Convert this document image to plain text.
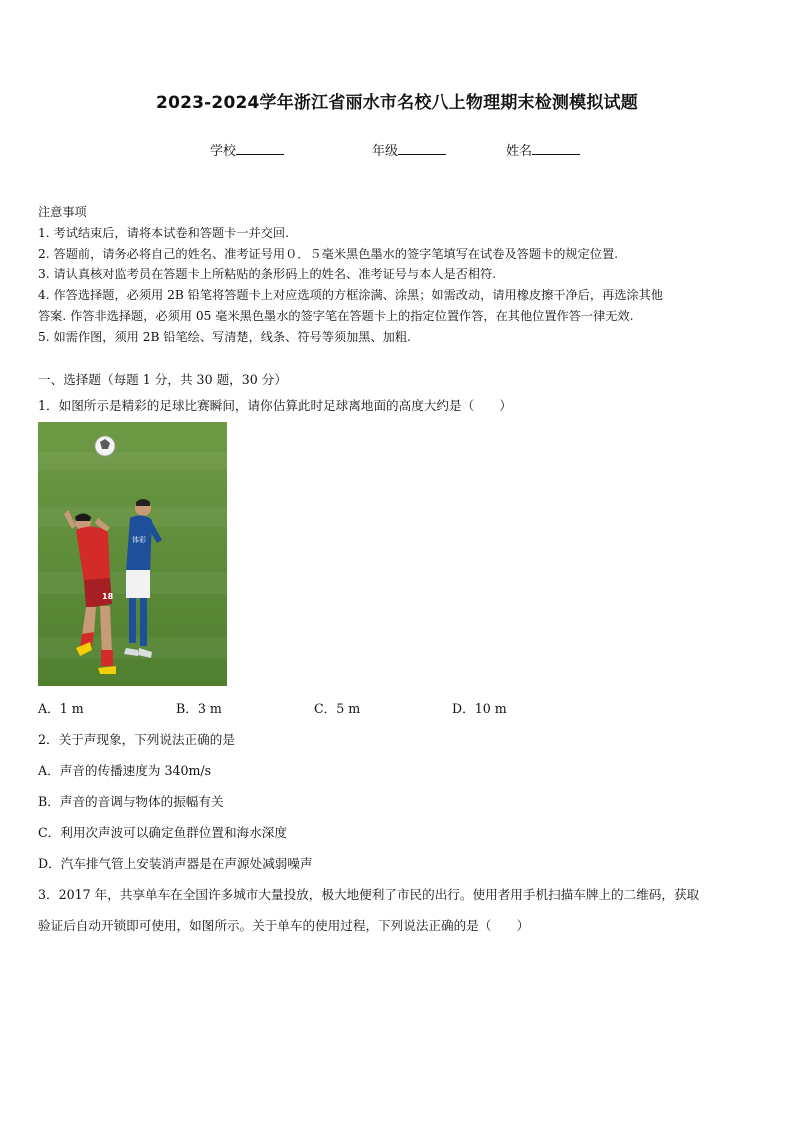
2023-2024学年浙江省丽水市名校八上物理期末检测模拟试题
学校	年级	姓名
注意事项
1. 考试结束后，请将本试卷和答题卡一并交回.
2. 答题前，请务必将自己的姓名、准考证号用０．５毫米黑色墨水的签字笔填写在试卷及答题卡的规定位置.
3. 请认真核对监考员在答题卡上所粘贴的条形码上的姓名、准考证号与本人是否相符.
4. 作答选择题，必须用 2B 铅笔将答题卡上对应选项的方框涂满、涂黑；如需改动，请用橡皮擦干净后，再选涂其他
答案. 作答非选择题，必须用 05 毫米黑色墨水的签字笔在答题卡上的指定位置作答，在其他位置作答一律无效.
5. 如需作图，须用 2B 铅笔绘、写清楚，线条、符号等须加黑、加粗.
一、选择题（每题 1 分，共 30 题，30 分）
1．如图所示是精彩的足球比赛瞬间，请你估算此时足球离地面的高度大约是（　　）
体彩
18
A．1 m	B．3 m	C．5 m	D．10 m
2．关于声现象，下列说法正确的是
A．声音的传播速度为 340m/s
B．声音的音调与物体的振幅有关
C．利用次声波可以确定鱼群位置和海水深度
D．汽车排气管上安装消声器是在声源处减弱噪声
3．2017 年，共享单车在全国许多城市大量投放，极大地便利了市民的出行。使用者用手机扫描车牌上的二维码，获取
验证后自动开锁即可使用，如图所示。关于单车的使用过程，下列说法正确的是（　　）
